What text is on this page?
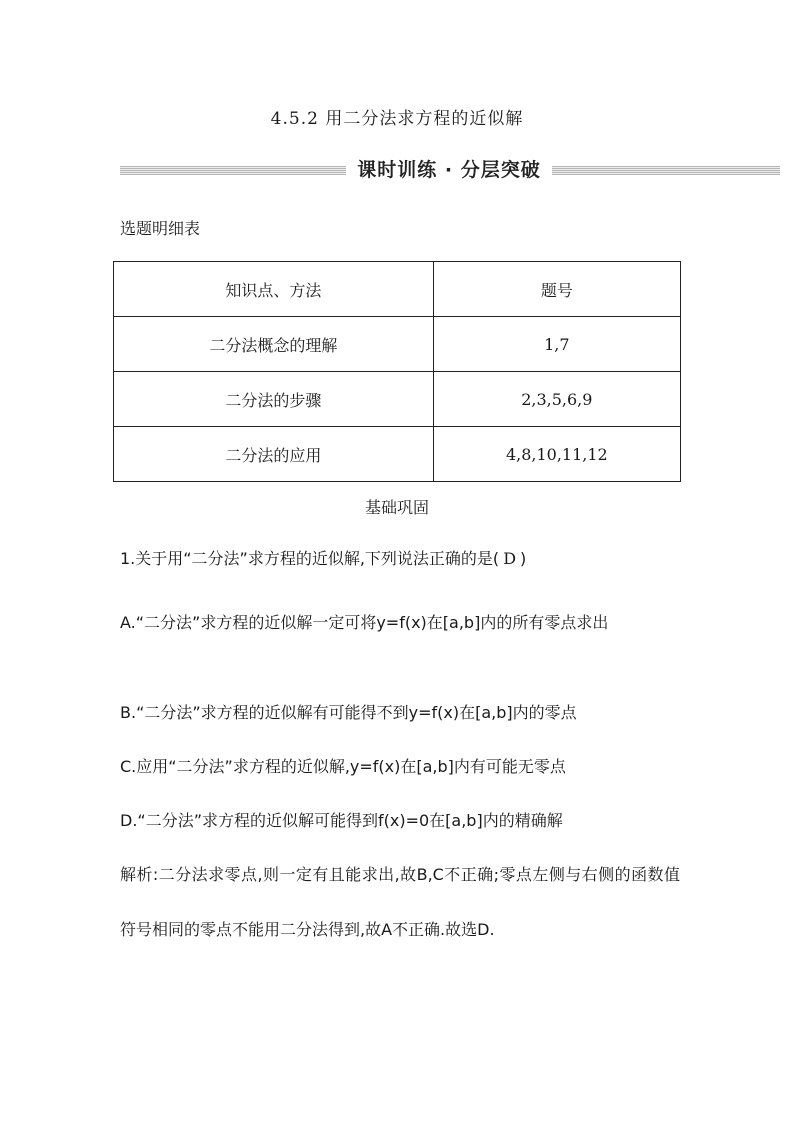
4.5.2 用二分法求方程的近似解
课时训练 · 分层突破
选题明细表
知识点、方法	题号
二分法概念的理解	1,7
二分法的步骤	2,3,5,6,9
二分法的应用	4,8,10,11,12
基础巩固
1.关于用“二分法”求方程的近似解,下列说法正确的是( D )
A.“二分法”求方程的近似解一定可将y=f(x)在[a,b]内的所有零点求出
B.“二分法”求方程的近似解有可能得不到y=f(x)在[a,b]内的零点
C.应用“二分法”求方程的近似解,y=f(x)在[a,b]内有可能无零点
D.“二分法”求方程的近似解可能得到f(x)=0在[a,b]内的精确解
解析:二分法求零点,则一定有且能求出,故B,C不正确;零点左侧与右侧的函数值符号相同的零点不能用二分法得到,故A不正确.故选D.
